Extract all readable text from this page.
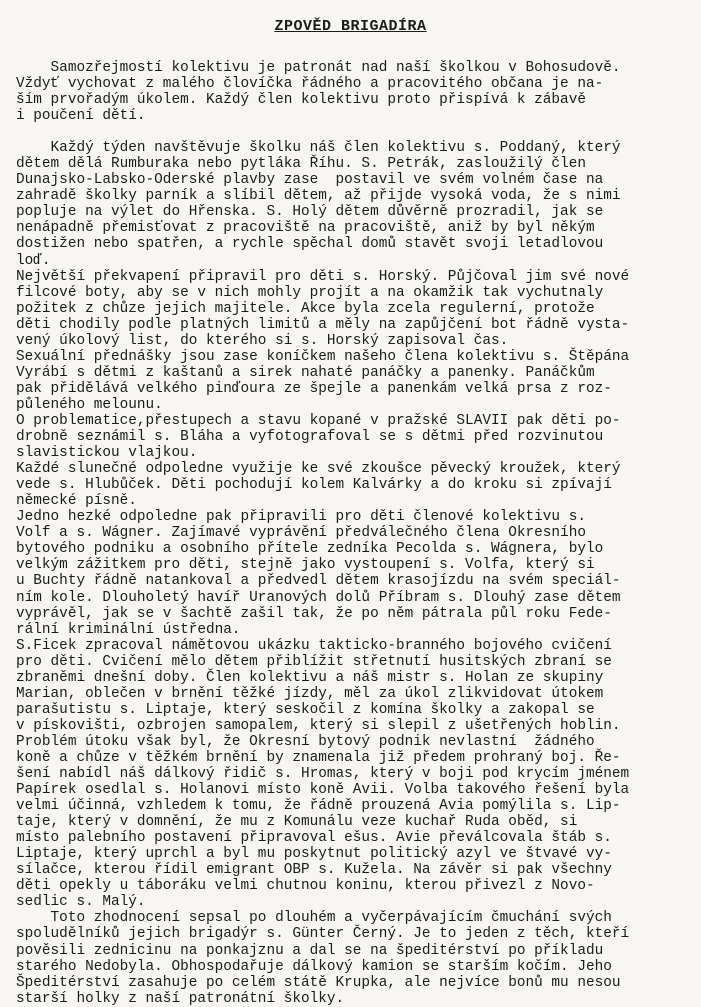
ZPOVĚD BRIGADÍRA
Samozřejmostí kolektivu je patronát nad naší školkou v Bohosudově.
Vždyť vychovat z malého človíčka řádného a pracovitého občana je na-
ším prvořadým úkolem. Každý člen kolektivu proto přispívá k zábavě
i poučení dětí.
Každý týden navštěvuje školku náš člen kolektivu s. Poddaný, který
dětem dělá Rumburaka nebo pytláka Říhu. S. Petrák, zasloužilý člen
Dunajsko-Labsko-Oderské plavby zase  postavil ve svém volném čase na
zahradě školky parník a slíbil dětem, až přijde vysoká voda, že s nimi
popluje na výlet do Hřenska. S. Holý dětem důvěrně prozradil, jak se
nenápadně přemisťovat z pracoviště na pracoviště, aniž by byl někým
dostižen nebo spatřen, a rychle spěchal domů stavět svoji letadlovou
loď.
Největší překvapení připravil pro děti s. Horský. Půjčoval jim své nové
filcové boty, aby se v nich mohly projít a na okamžik tak vychutnaly
požitek z chůze jejich majitele. Akce byla zcela regulerní, protože
děti chodily podle platných limitů a měly na zapůjčení bot řádně vysta-
vený úkolový list, do kterého si s. Horský zapisoval čas.
Sexuální přednášky jsou zase koníčkem našeho člena kolektivu s. Štěpána
Vyrábí s dětmi z kaštanů a sirek nahaté panáčky a panenky. Panáčkům
pak přidělává velkého pinďoura ze špejle a panenkám velká prsa z roz-
půleného melounu.
O problematice,přestupech a stavu kopané v pražské SLAVII pak děti po-
drobně seznámil s. Bláha a vyfotografoval se s dětmi před rozvinutou
slavistickou vlajkou.
Každé slunečné odpoledne využije ke své zkoušce pěvecký kroužek, který
vede s. Hlubůček. Děti pochodují kolem Kalvárky a do kroku si zpívají
německé písně.
Jedno hezké odpoledne pak připravili pro děti členové kolektivu s.
Volf a s. Wágner. Zajímavé vyprávění předválečného člena Okresního
bytového podniku a osobního přítele zedníka Pecolda s. Wágnera, bylo
velkým zážitkem pro děti, stejně jako vystoupení s. Volfa, který si
u Buchty řádně natankoval a předvedl dětem krasojízdu na svém speciál-
ním kole. Dlouholetý havíř Uranových dolů Příbram s. Dlouhý zase dětem
vyprávěl, jak se v šachtě zašil tak, že po něm pátrala půl roku Fede-
rální kriminální ústředna.
S.Ficek zpracoval námětovou ukázku takticko-branného bojového cvičení
pro děti. Cvičení mělo dětem přiblížit střetnutí husitských zbraní se
zbraněmi dnešní doby. Člen kolektivu a náš mistr s. Holan ze skupiny
Marian, oblečen v brnění těžké jízdy, měl za úkol zlikvidovat útokem
parašutistu s. Liptaje, který seskočil z komína školky a zakopal se
v pískovišti, ozbrojen samopalem, který si slepil z ušetřených hoblin.
Problém útoku však byl, že Okresní bytový podnik nevlastní  žádného
koně a chůze v těžkém brnění by znamenala již předem prohraný boj. Ře-
šení nabídl náš dálkový řidič s. Hromas, který v boji pod krycím jménem
Papírek osedlal s. Holanovi místo koně Avii. Volba takového řešení byla
velmi účinná, vzhledem k tomu, že řádně prouzená Avia pomýlila s. Lip-
taje, který v domnění, že mu z Komunálu veze kuchař Ruda oběd, si
místo palebního postavení připravoval ešus. Avie převálcovala štáb s.
Liptaje, který uprchl a byl mu poskytnut politický azyl ve štvavé vy-
sílačce, kterou řídil emigrant OBP s. Kužela. Na závěr si pak všechny
děti opekly u táboráku velmi chutnou koninu, kterou přivezl z Novo-
sedlic s. Malý.
Toto zhodnocení sepsal po dlouhém a vyčerpávajícím čmuchání svých
spoludělníků jejich brigadýr s. Günter Černý. Je to jeden z těch, kteří
pověsili zednicinu na ponkajznu a dal se na špeditérství po příkladu
starého Nedobyla. Obhospodařuje dálkový kamion se starším kočím. Jeho
Špeditérství zasahuje po celém státě Krupka, ale nejvíce bonů mu nesou
starší holky z naší patronátní školky.
